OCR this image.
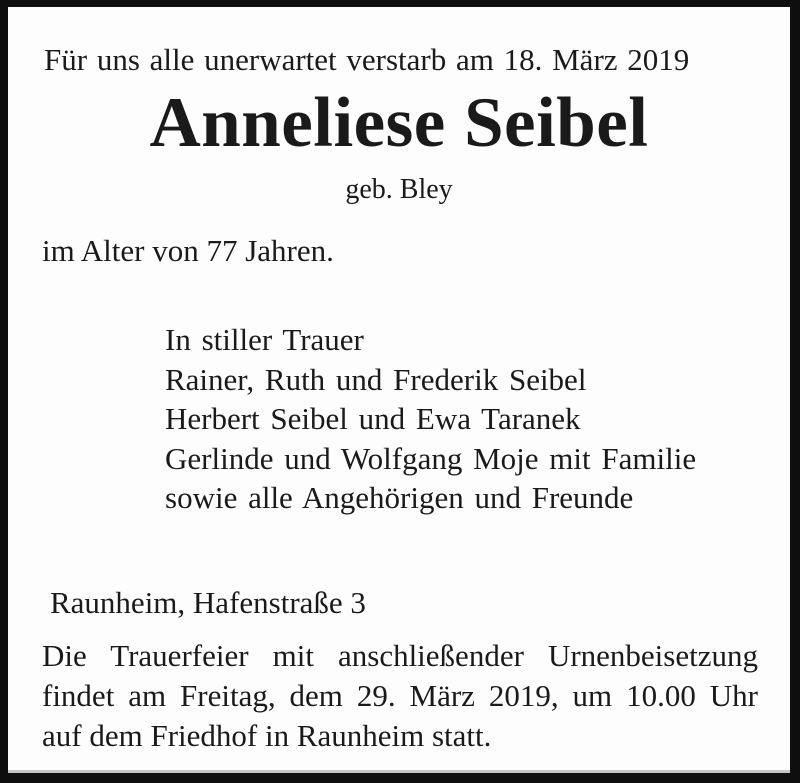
Für uns alle unerwartet verstarb am 18. März 2019
Anneliese Seibel
geb. Bley
im Alter von 77 Jahren.
In stiller Trauer
Rainer, Ruth und Frederik Seibel
Herbert Seibel und Ewa Taranek
Gerlinde und Wolfgang Moje mit Familie
sowie alle Angehörigen und Freunde
Raunheim, Hafenstraße 3
Die Trauerfeier mit anschließender Urnenbeisetzung
findet am Freitag, dem 29. März 2019, um 10.00 Uhr
auf dem Friedhof in Raunheim statt.
